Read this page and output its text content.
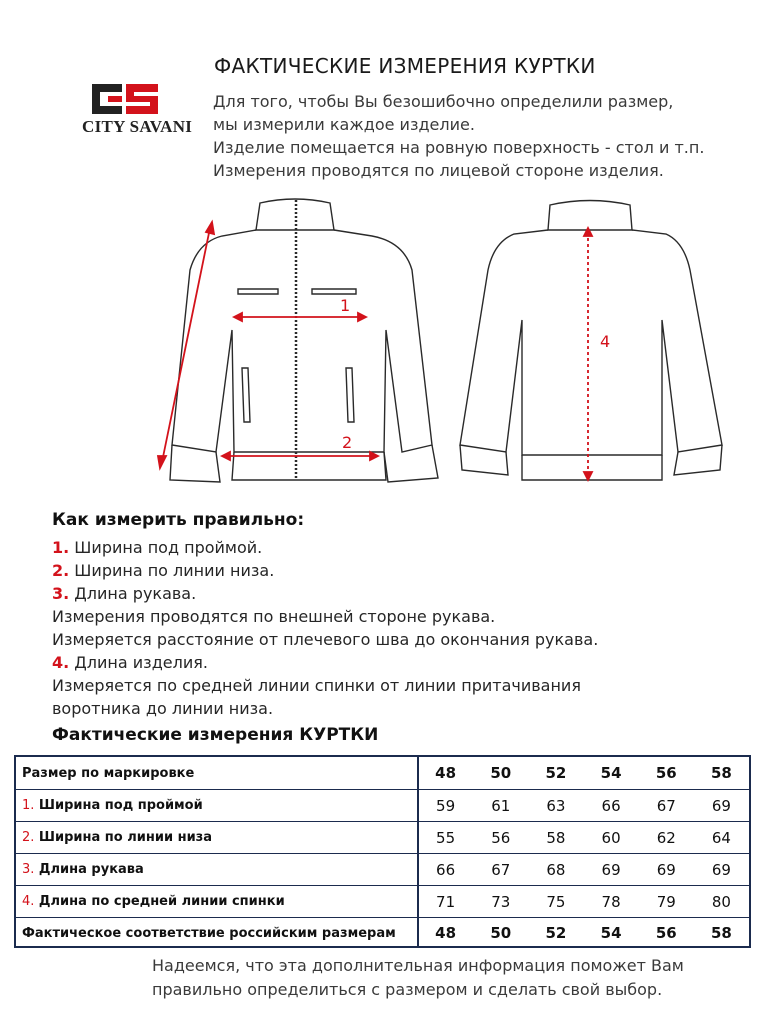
CITY SAVANI
ФАКТИЧЕСКИЕ ИЗМЕРЕНИЯ КУРТКИ
Для того, чтобы Вы безошибочно определили размер,
мы измерили каждое изделие.
Изделие помещается на ровную поверхность - стол и т.п.
Измерения проводятся по лицевой стороне изделия.
1
2
4
Как измерить правильно:
1. Ширина под проймой.
2. Ширина по линии низа.
3. Длина рукава.
Измерения проводятся по внешней стороне рукава.
Измеряется расстояние от плечевого шва до окончания рукава.
4. Длина изделия.
Измеряется по средней линии спинки от линии притачивания
воротника до линии низа.
Фактические измерения КУРТКИ
Размер по маркировке	48	50	52	54	56	58
1. Ширина под проймой	59	61	63	66	67	69
2. Ширина по линии низа	55	56	58	60	62	64
3. Длина рукава	66	67	68	69	69	69
4. Длина по средней линии спинки	71	73	75	78	79	80
Фактическое соответствие российским размерам	48	50	52	54	56	58
Надеемся, что эта дополнительная информация поможет Вам
правильно определиться с размером и сделать свой выбор.
